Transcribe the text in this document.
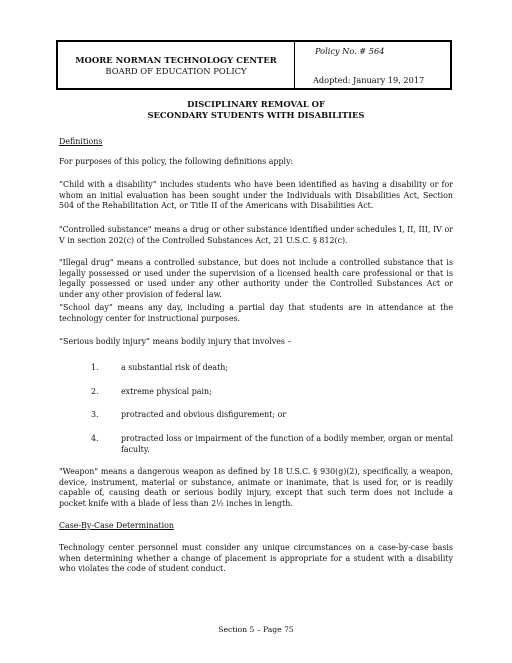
MOORE NORMAN TECHNOLOGY CENTER
BOARD OF EDUCATION POLICY
Policy No. # 564
Adopted: January 19, 2017
DISCIPLINARY REMOVAL OF
SECONDARY STUDENTS WITH DISABILITIES
Definitions
For purposes of this policy, the following definitions apply:
“Child with a disability” includes students who have been identified as having a disability or for whom an initial evaluation has been sought under the Individuals with Disabilities Act, Section 504 of the Rehabilitation Act, or Title II of the Americans with Disabilities Act.
"Controlled substance" means a drug or other substance identified under schedules I, II, III, IV or V in section 202(c) of the Controlled Substances Act, 21 U.S.C. § 812(c).
"Illegal drug" means a controlled substance, but does not include a controlled substance that is legally possessed or used under the supervision of a licensed health care professional or that is legally possessed or used under any other authority under the Controlled Substances Act or under any other provision of federal law.
“School day” means any day, including a partial day that students are in attendance at the technology center for instructional purposes.
“Serious bodily injury” means bodily injury that involves –
1.	a substantial risk of death;
2.	extreme physical pain;
3.	protracted and obvious disfigurement; or
4.	protracted loss or impairment of the function of a bodily member, organ or mental faculty.
"Weapon" means a dangerous weapon as defined by 18 U.S.C. § 930(g)(2), specifically, a weapon, device, instrument, material or substance, animate or inanimate, that is used for, or is readily capable of, causing death or serious bodily injury, except that such term does not include a pocket knife with a blade of less than 2½ inches in length.
Case-By-Case Determination
Technology center personnel must consider any unique circumstances on a case-by-case basis when determining whether a change of placement is appropriate for a student with a disability who violates the code of student conduct.
Section 5 – Page 75
